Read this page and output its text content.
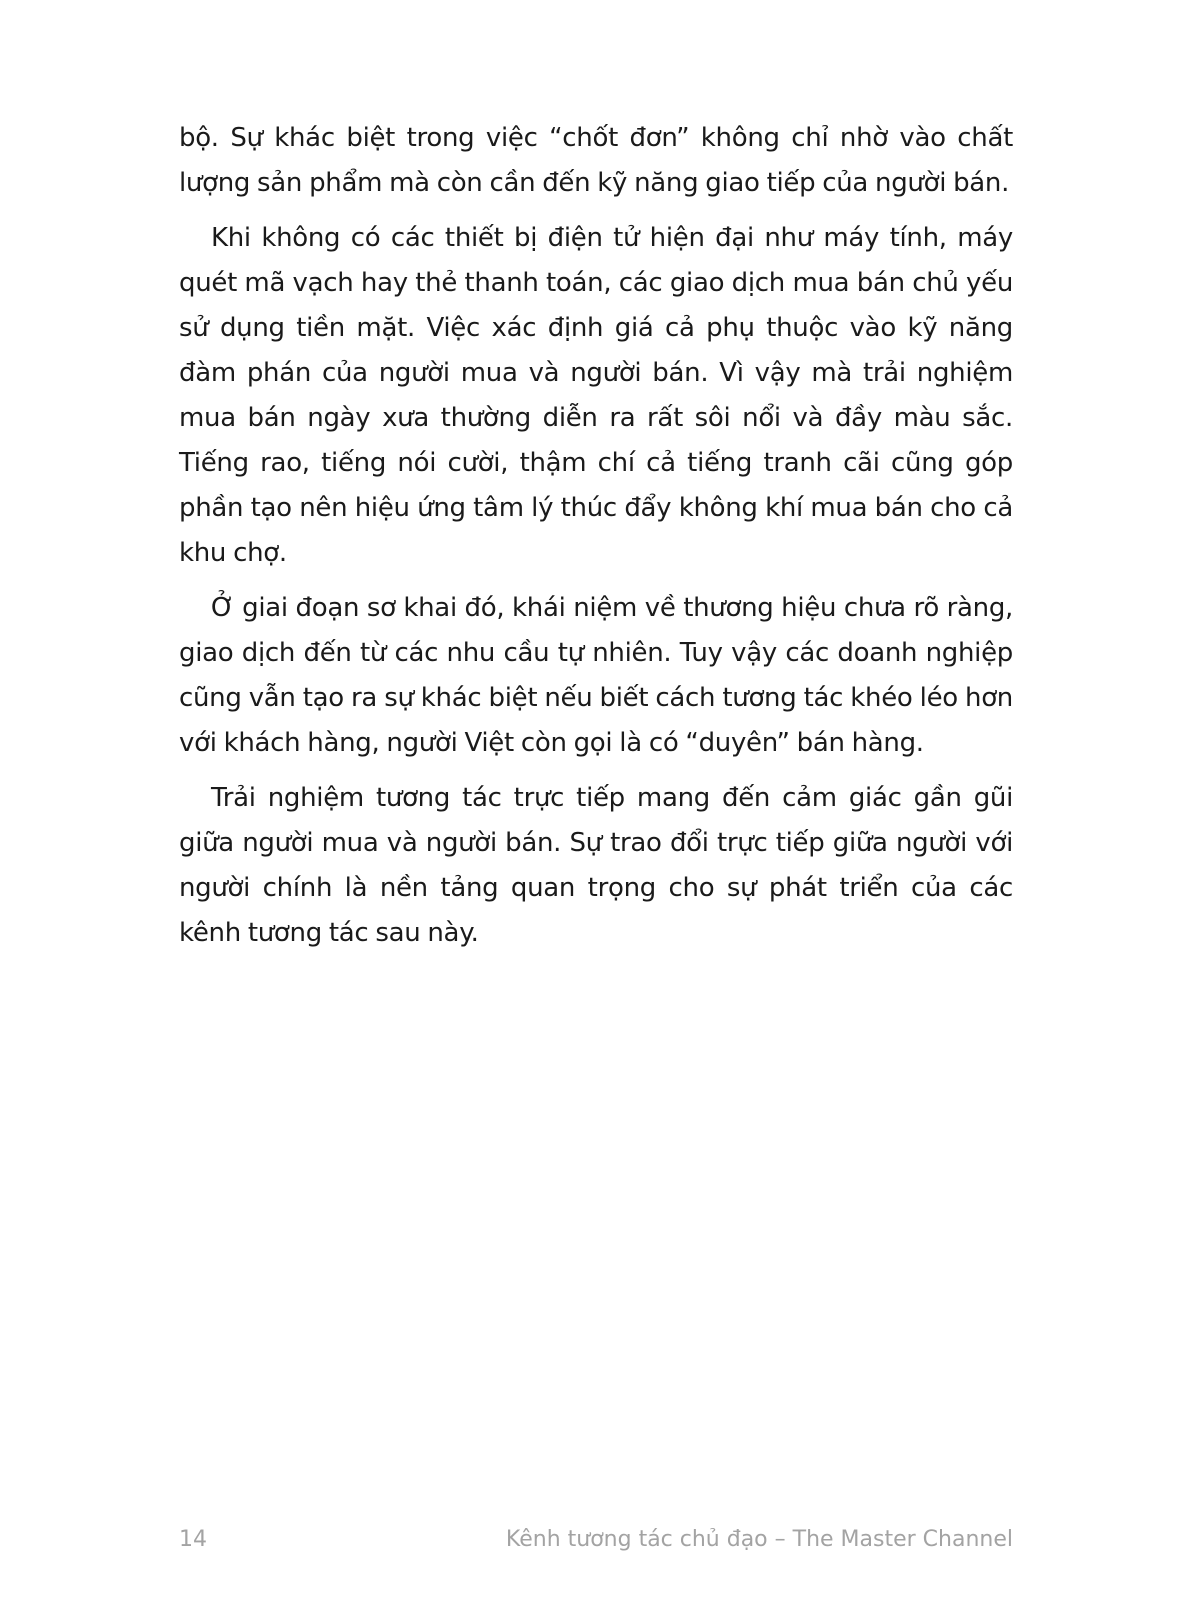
bộ. Sự khác biệt trong việc “chốt đơn” không chỉ nhờ vào chất lượng sản phẩm mà còn cần đến kỹ năng giao tiếp của người bán.

Khi không có các thiết bị điện tử hiện đại như máy tính, máy quét mã vạch hay thẻ thanh toán, các giao dịch mua bán chủ yếu sử dụng tiền mặt. Việc xác định giá cả phụ thuộc vào kỹ năng đàm phán của người mua và người bán. Vì vậy mà trải nghiệm mua bán ngày xưa thường diễn ra rất sôi nổi và đầy màu sắc. Tiếng rao, tiếng nói cười, thậm chí cả tiếng tranh cãi cũng góp phần tạo nên hiệu ứng tâm lý thúc đẩy không khí mua bán cho cả khu chợ.

Ở giai đoạn sơ khai đó, khái niệm về thương hiệu chưa rõ ràng, giao dịch đến từ các nhu cầu tự nhiên. Tuy vậy các doanh nghiệp cũng vẫn tạo ra sự khác biệt nếu biết cách tương tác khéo léo hơn với khách hàng, người Việt còn gọi là có “duyên” bán hàng.

Trải nghiệm tương tác trực tiếp mang đến cảm giác gần gũi giữa người mua và người bán. Sự trao đổi trực tiếp giữa người với người chính là nền tảng quan trọng cho sự phát triển của các kênh tương tác sau này.

14	Kênh tương tác chủ đạo – The Master Channel
